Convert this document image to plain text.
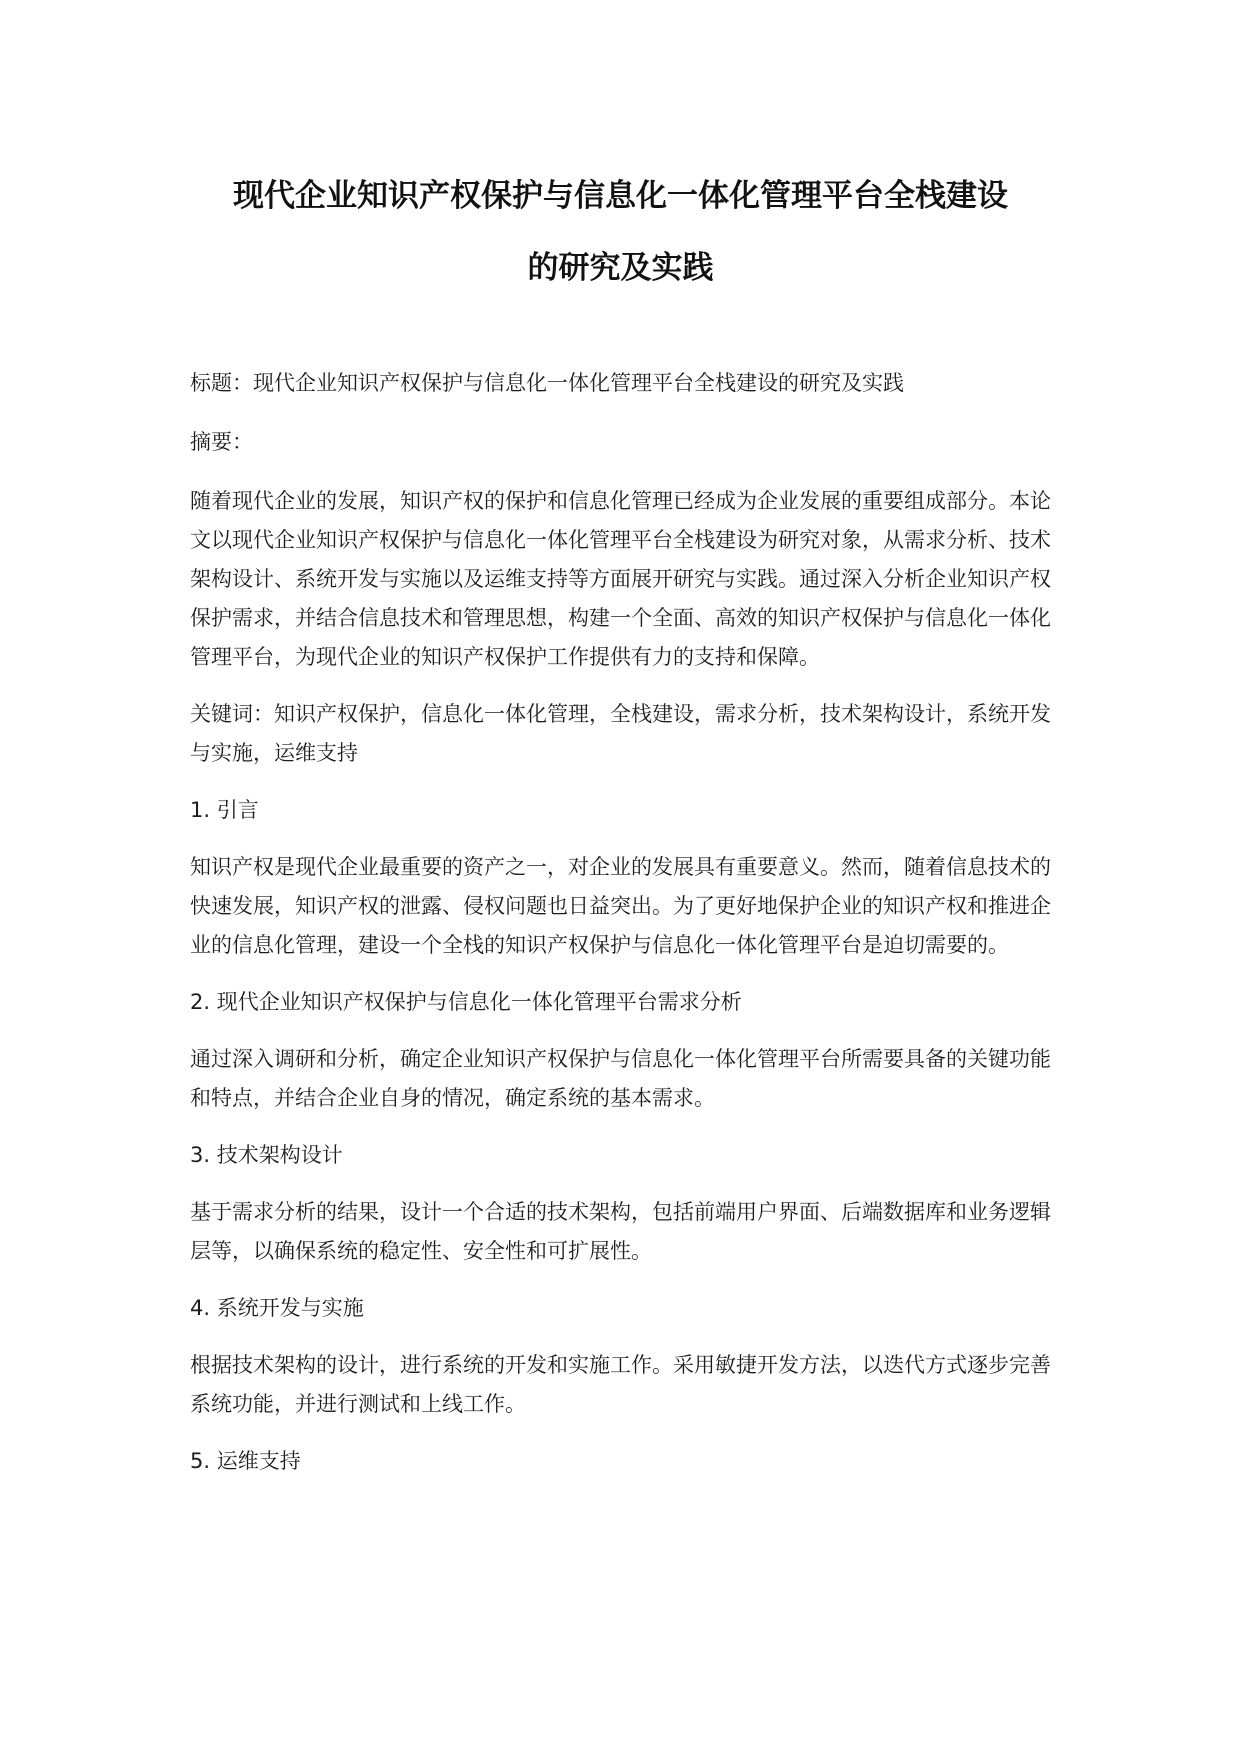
现代企业知识产权保护与信息化一体化管理平台全栈建设
的研究及实践

标题：现代企业知识产权保护与信息化一体化管理平台全栈建设的研究及实践

摘要：

随着现代企业的发展，知识产权的保护和信息化管理已经成为企业发展的重要组成部分。本论文以现代企业知识产权保护与信息化一体化管理平台全栈建设为研究对象，从需求分析、技术架构设计、系统开发与实施以及运维支持等方面展开研究与实践。通过深入分析企业知识产权保护需求，并结合信息技术和管理思想，构建一个全面、高效的知识产权保护与信息化一体化管理平台，为现代企业的知识产权保护工作提供有力的支持和保障。

关键词：知识产权保护，信息化一体化管理，全栈建设，需求分析，技术架构设计，系统开发与实施，运维支持

1. 引言

知识产权是现代企业最重要的资产之一，对企业的发展具有重要意义。然而，随着信息技术的快速发展，知识产权的泄露、侵权问题也日益突出。为了更好地保护企业的知识产权和推进企业的信息化管理，建设一个全栈的知识产权保护与信息化一体化管理平台是迫切需要的。

2. 现代企业知识产权保护与信息化一体化管理平台需求分析

通过深入调研和分析，确定企业知识产权保护与信息化一体化管理平台所需要具备的关键功能和特点，并结合企业自身的情况，确定系统的基本需求。

3. 技术架构设计

基于需求分析的结果，设计一个合适的技术架构，包括前端用户界面、后端数据库和业务逻辑层等，以确保系统的稳定性、安全性和可扩展性。

4. 系统开发与实施

根据技术架构的设计，进行系统的开发和实施工作。采用敏捷开发方法，以迭代方式逐步完善系统功能，并进行测试和上线工作。

5. 运维支持
